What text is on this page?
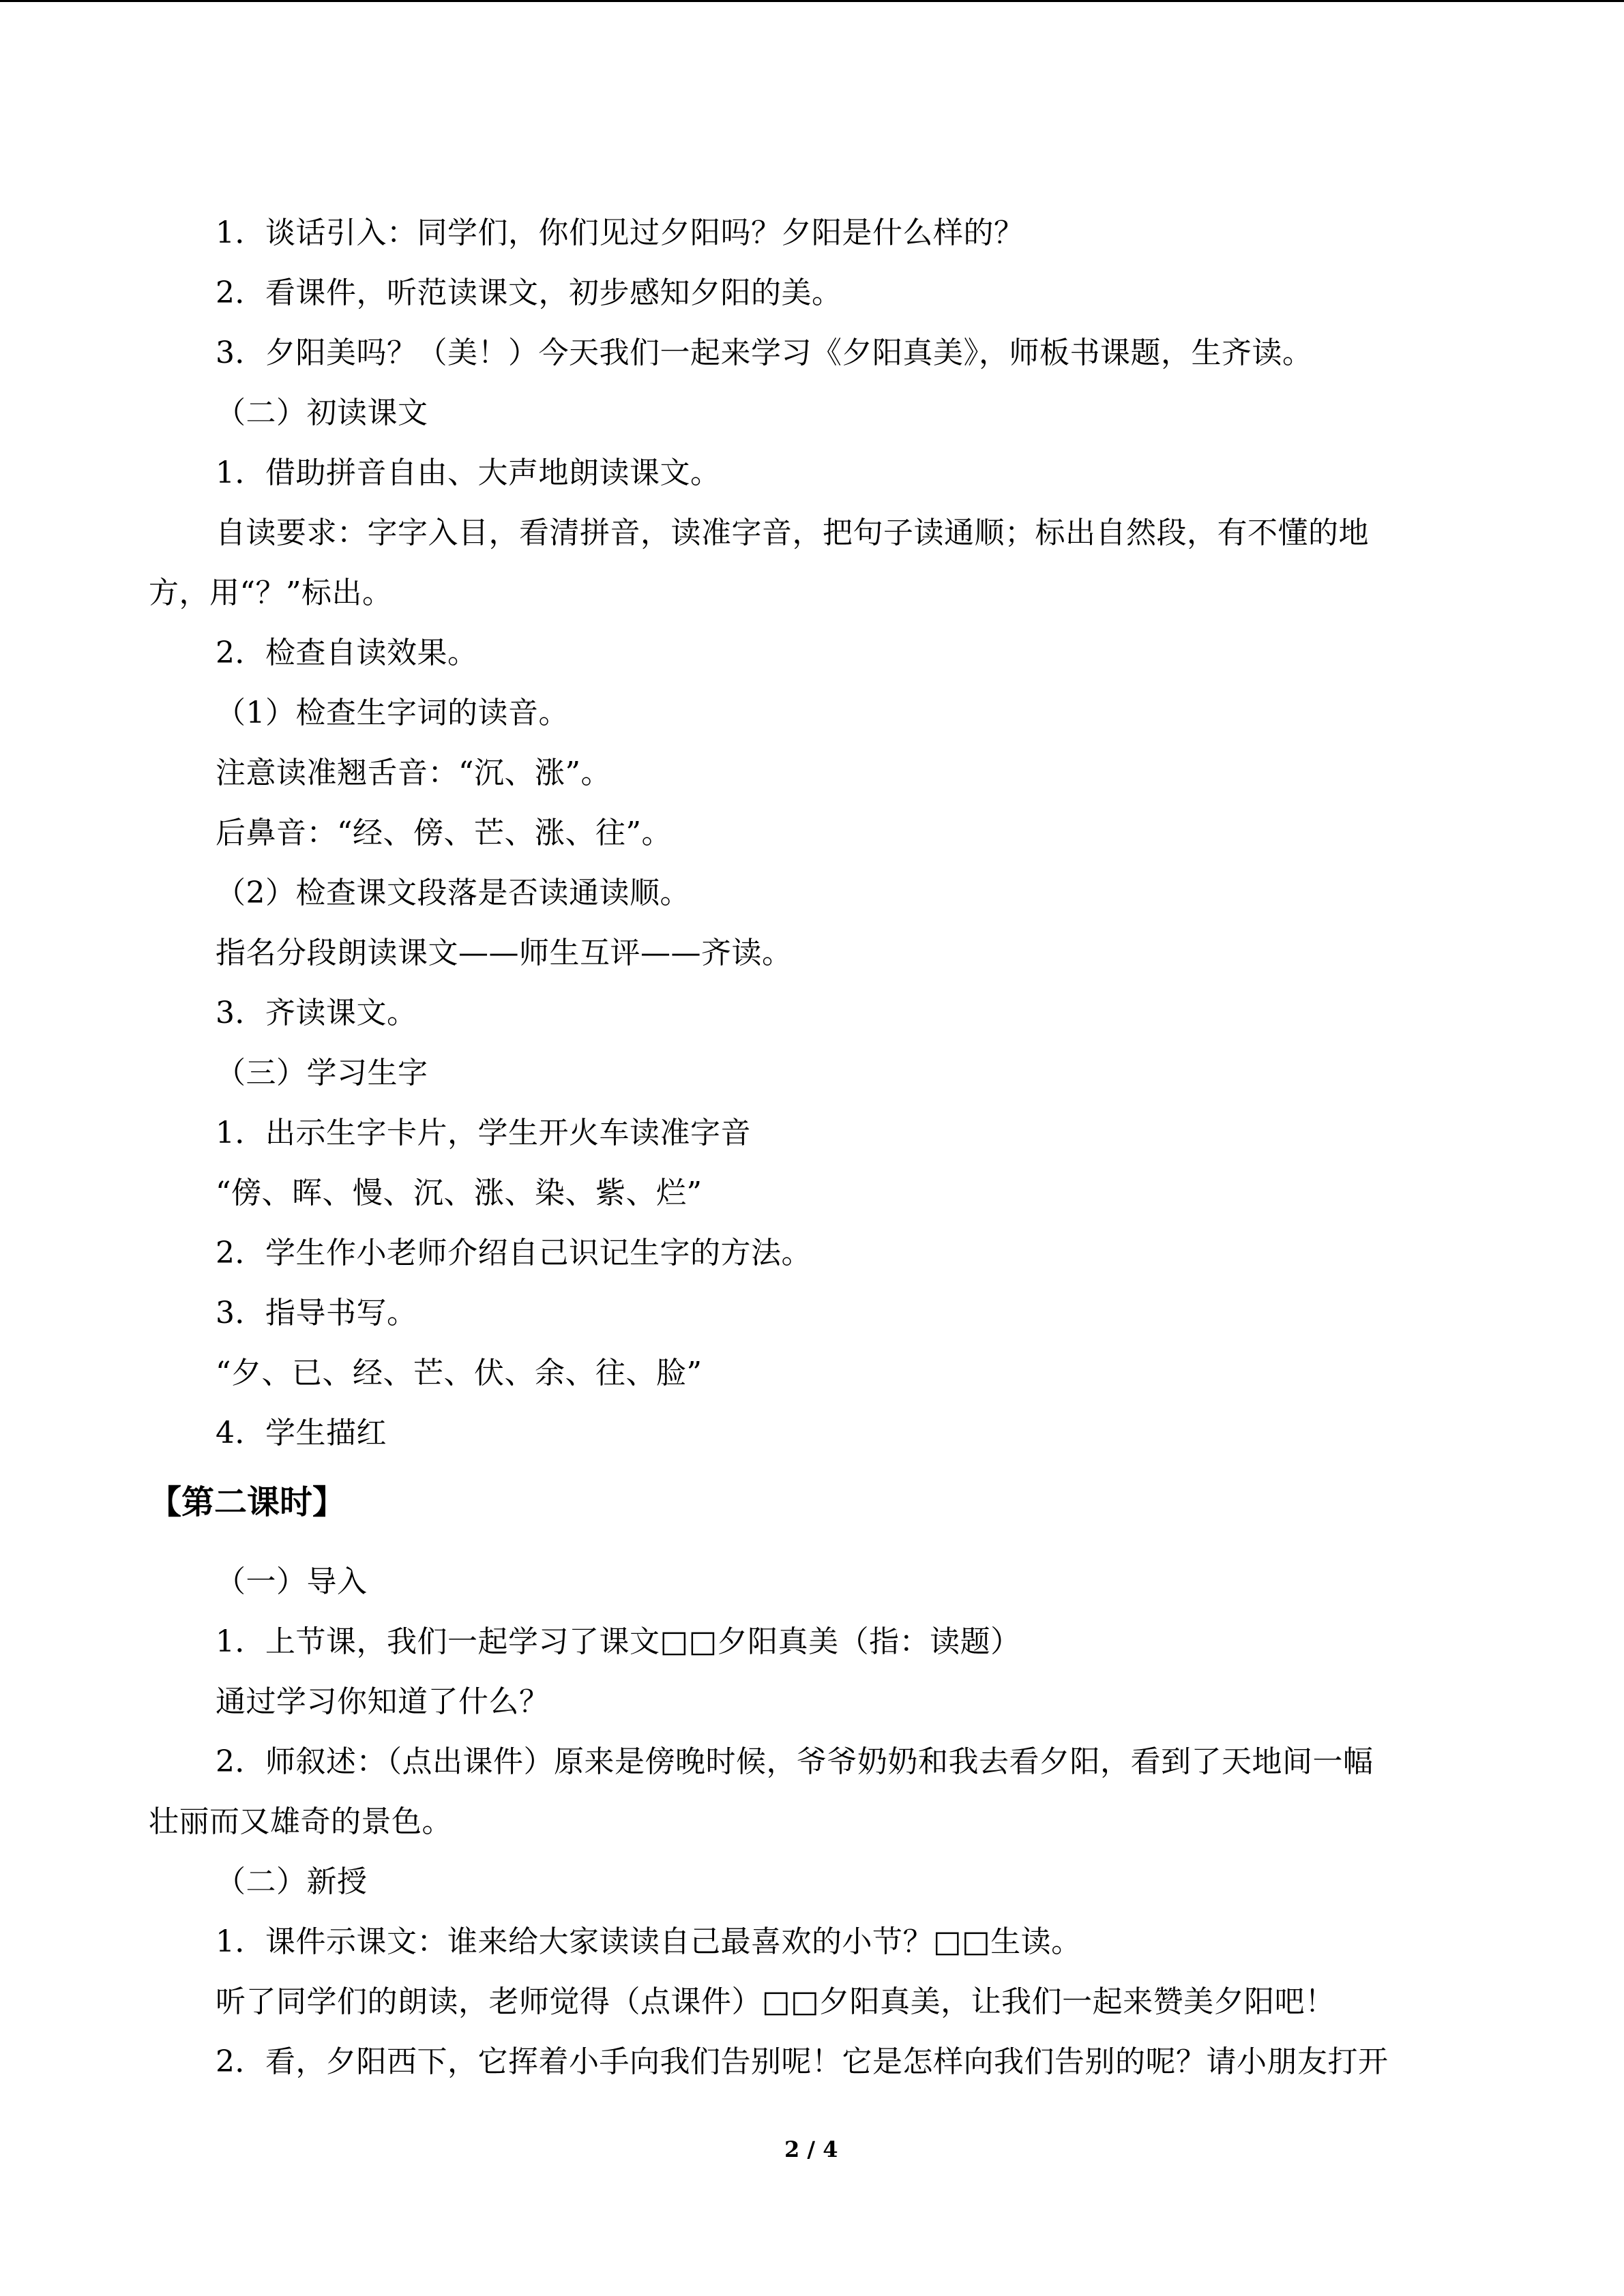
1．谈话引入：同学们，你们见过夕阳吗？夕阳是什么样的？
2．看课件，听范读课文，初步感知夕阳的美。
3．夕阳美吗？（美！）今天我们一起来学习《夕阳真美》，师板书课题，生齐读。
（二）初读课文
1．借助拼音自由、大声地朗读课文。
自读要求：字字入目，看清拼音，读准字音，把句子读通顺；标出自然段，有不懂的地
方，用“？”标出。
2．检查自读效果。
（1）检查生字词的读音。
注意读准翘舌音：“沉、涨”。
后鼻音：“经、傍、芒、涨、往”。
（2）检查课文段落是否读通读顺。
指名分段朗读课文——师生互评——齐读。
3．齐读课文。
（三）学习生字
1．出示生字卡片，学生开火车读准字音
“傍、晖、慢、沉、涨、染、紫、烂”
2．学生作小老师介绍自己识记生字的方法。
3．指导书写。
“夕、已、经、芒、伏、余、往、脸”
4．学生描红
【第二课时】
（一）导入
1．上节课，我们一起学习了课文□□夕阳真美（指：读题）
通过学习你知道了什么？
2．师叙述：（点出课件）原来是傍晚时候，爷爷奶奶和我去看夕阳，看到了天地间一幅
壮丽而又雄奇的景色。
（二）新授
1．课件示课文：谁来给大家读读自己最喜欢的小节？□□生读。
听了同学们的朗读，老师觉得（点课件）□□夕阳真美，让我们一起来赞美夕阳吧！
2．看，夕阳西下，它挥着小手向我们告别呢！它是怎样向我们告别的呢？请小朋友打开
2 / 4
